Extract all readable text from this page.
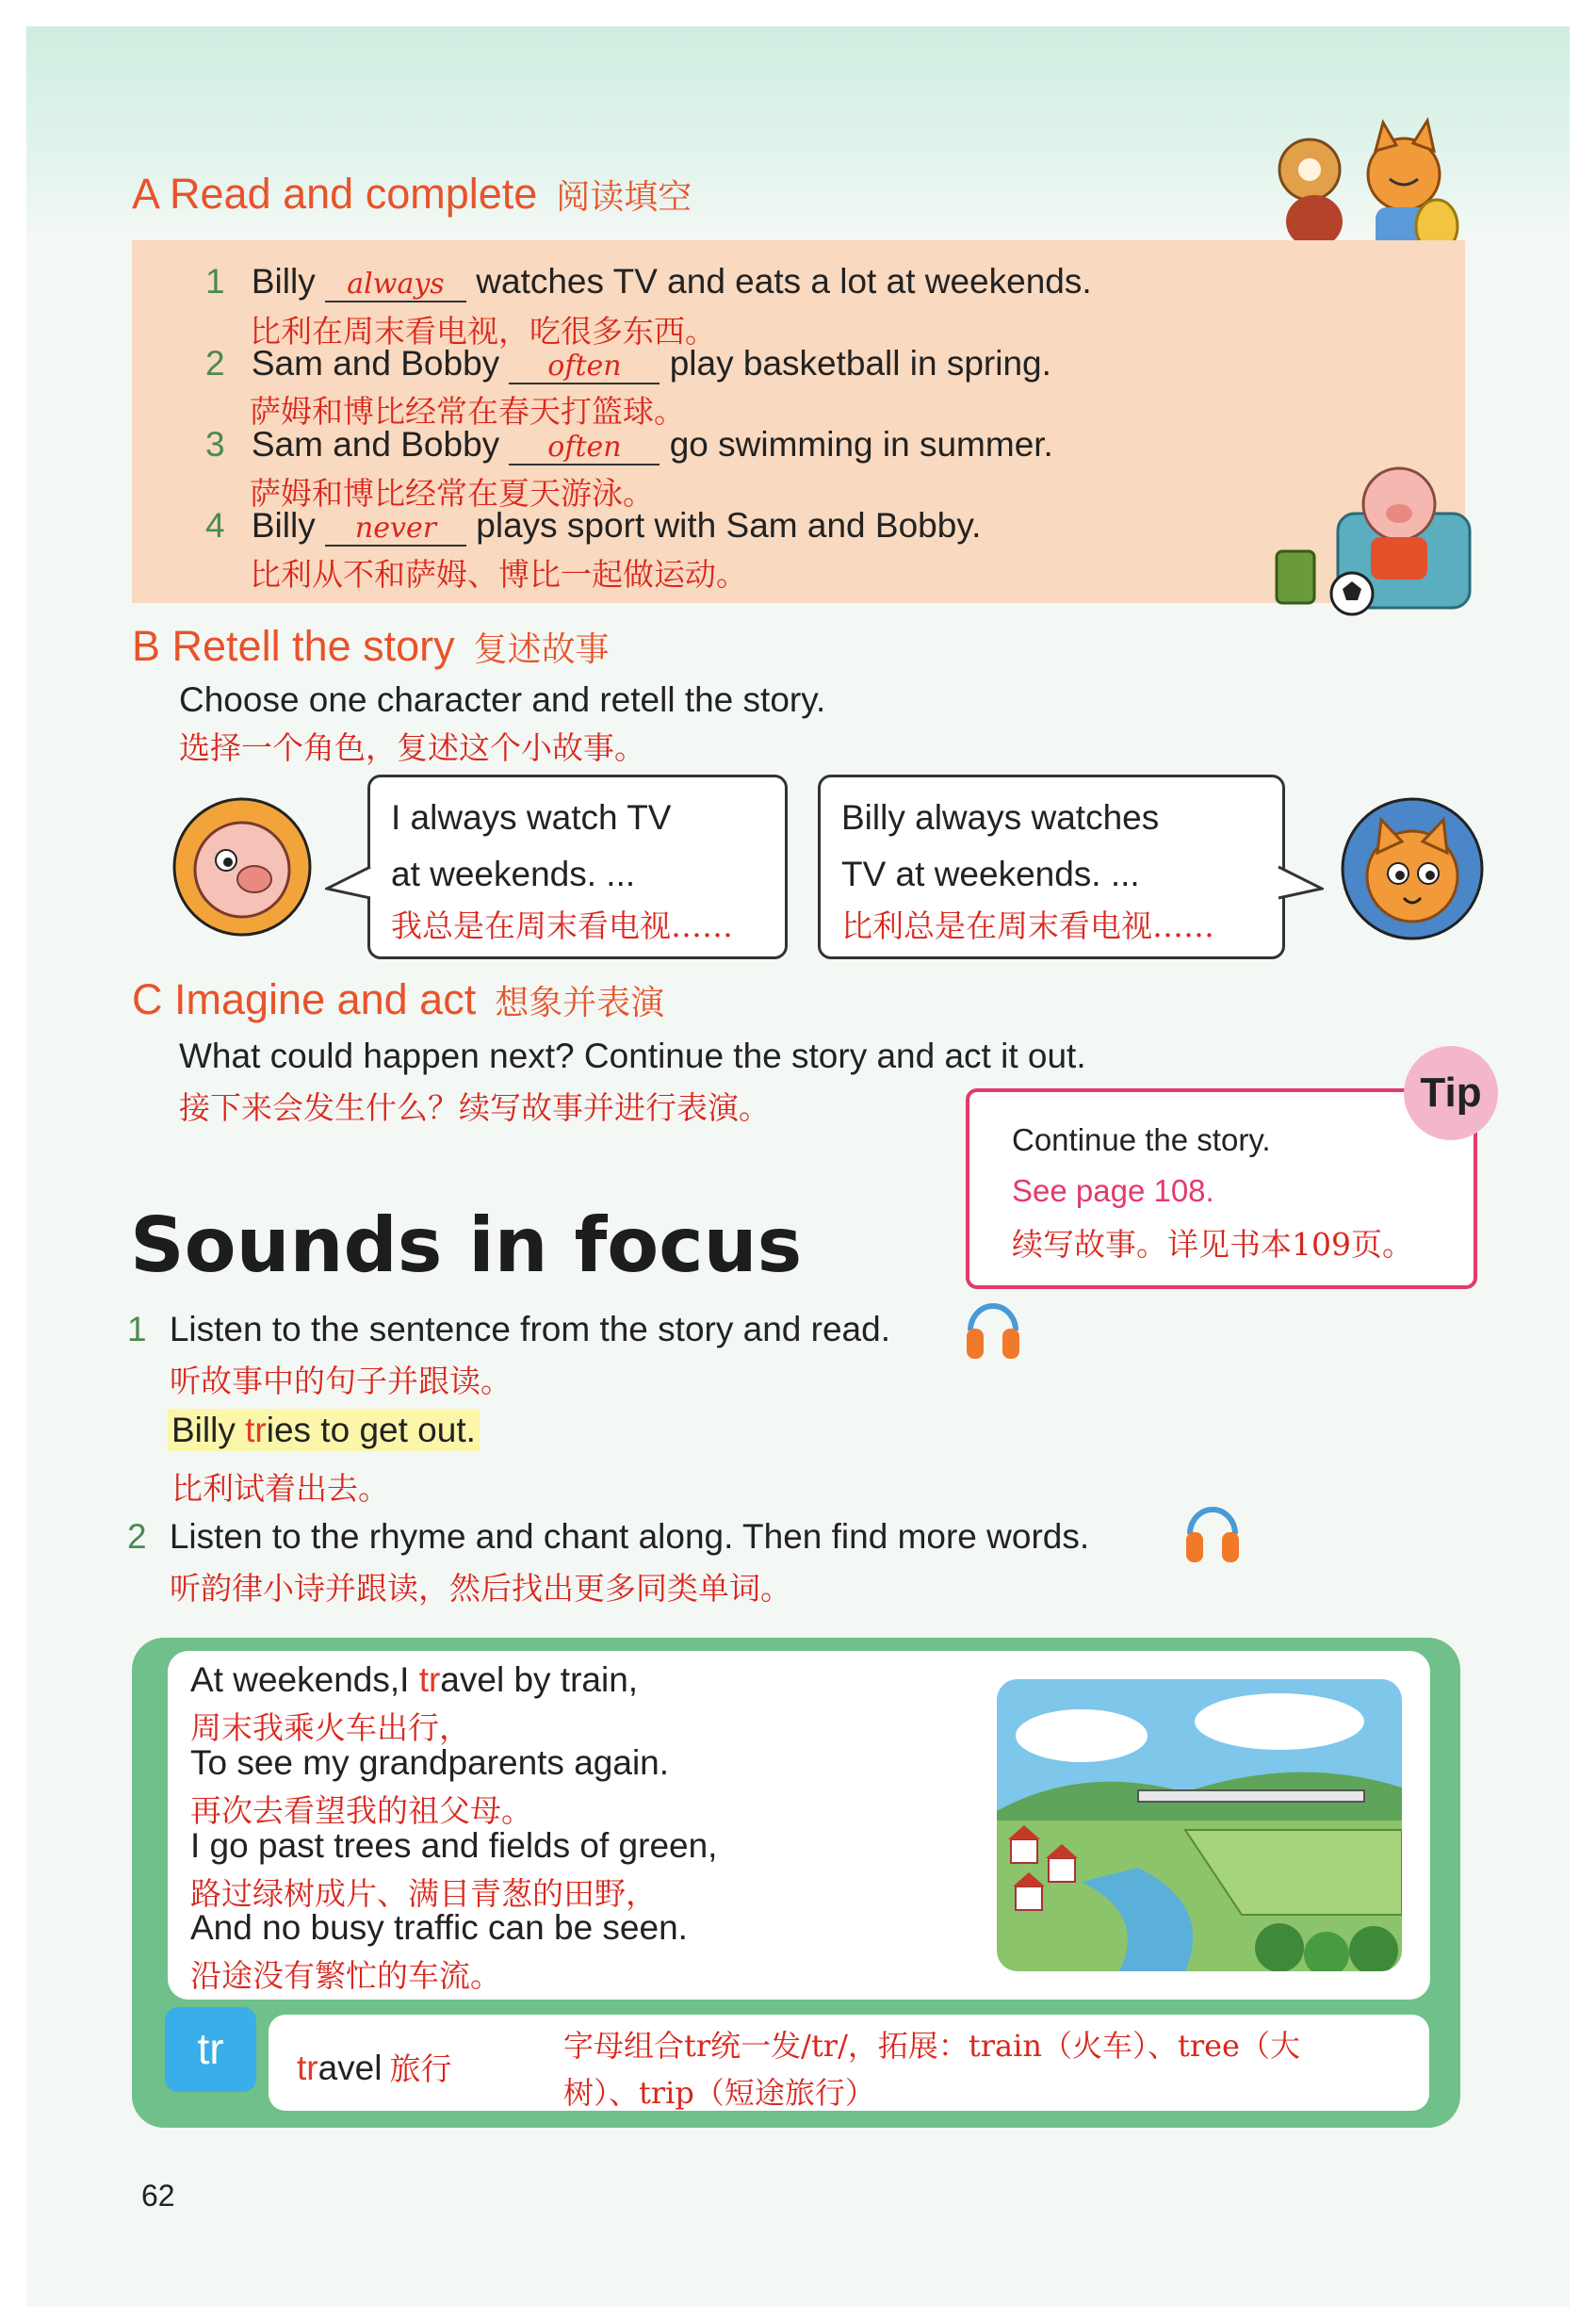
A Read and complete 阅读填空
1 Billy always watches TV and eats a lot at weekends.
比利在周末看电视，吃很多东西。
2 Sam and Bobby often play basketball in spring.
萨姆和博比经常在春天打篮球。
3 Sam and Bobby often go swimming in summer.
萨姆和博比经常在夏天游泳。
4 Billy never plays sport with Sam and Bobby.
比利从不和萨姆、博比一起做运动。
B Retell the story 复述故事
Choose one character and retell the story.
选择一个角色，复述这个小故事。
I always watch TV
at weekends. ...
我总是在周末看电视……
Billy always watches
TV at weekends. ...
比利总是在周末看电视……
C Imagine and act 想象并表演
What could happen next? Continue the story and act it out.
接下来会发生什么？续写故事并进行表演。
Continue the story.
See page 108.
续写故事。详见书本109页。
Tip
Sounds in focus
1 Listen to the sentence from the story and read.
听故事中的句子并跟读。
Billy tries to get out.
比利试着出去。
2 Listen to the rhyme and chant along. Then find more words.
听韵律小诗并跟读，然后找出更多同类单词。
At weekends,I travel by train,
周末我乘火车出行，
To see my grandparents again.
再次去看望我的祖父母。
I go past trees and fields of green,
路过绿树成片、满目青葱的田野，
And no busy traffic can be seen.
沿途没有繁忙的车流。
tr	travel 旅行
字母组合tr统一发/tr/，拓展：train（火车）、tree（大
树）、trip（短途旅行）
62
